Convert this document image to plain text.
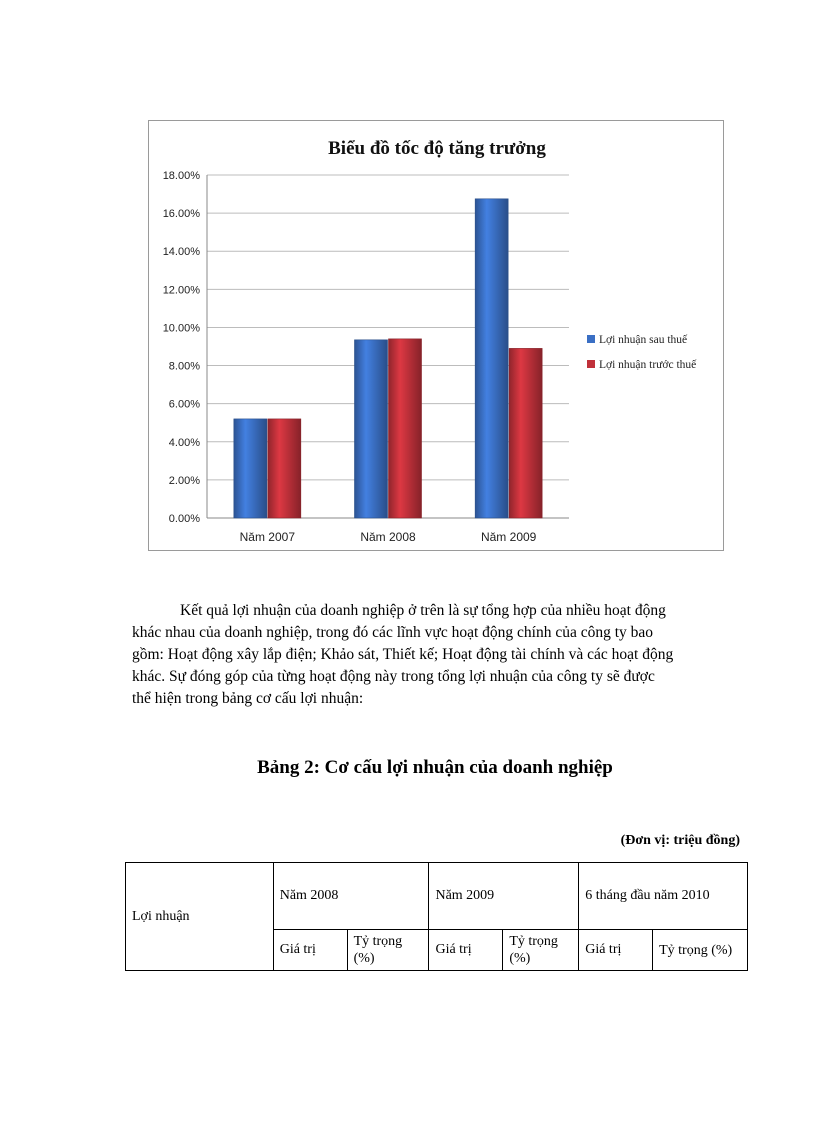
Biểu đồ tốc độ tăng trưởng
0.00%
2.00%
4.00%
6.00%
8.00%
10.00%
12.00%
14.00%
16.00%
18.00%
Năm 2007	Năm 2008	Năm 2009
Lợi nhuận sau thuế
Lợi nhuận trước thuế
Kết quả lợi nhuận của doanh nghiệp ở trên là sự tổng hợp của nhiều hoạt động
khác nhau của doanh nghiệp, trong đó các lĩnh vực hoạt động chính của công ty bao
gồm: Hoạt động xây lắp điện; Khảo sát, Thiết kế; Hoạt động tài chính và các hoạt động
khác. Sự đóng góp của từng hoạt động này trong tổng lợi nhuận của công ty sẽ được
thể hiện trong bảng cơ cấu lợi nhuận:
Bảng 2: Cơ cấu lợi nhuận của doanh nghiệp
(Đơn vị: triệu đồng)
Lợi nhuận	Năm 2008		Năm 2009		6 tháng đầu năm 2010	
	Giá trị	Tỷ trọng (%)	Giá trị	Tỷ trọng (%)	Giá trị	Tỷ trọng (%)
